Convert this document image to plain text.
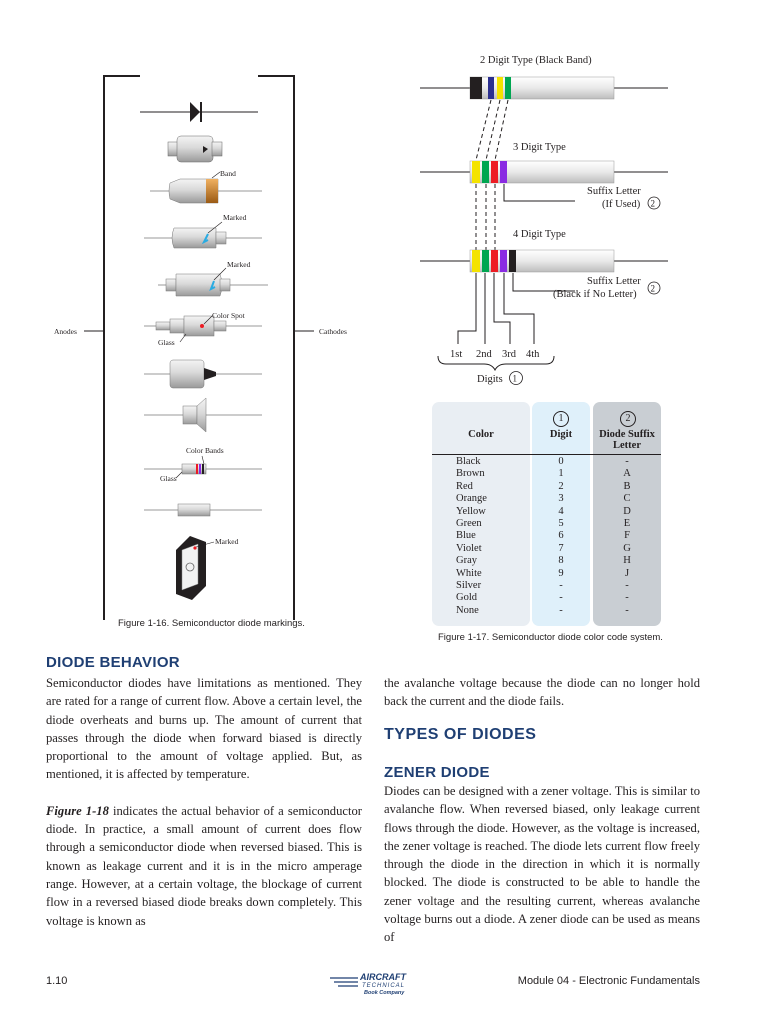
Anodes	Cathodes
Band
Marked
Marked
Color Spot
Glass
Color Bands
Glass
Marked
Figure 1-16. Semiconductor diode markings.
2 Digit Type (Black Band)
3 Digit Type
Suffix Letter
(If Used) 2
4 Digit Type
Suffix Letter
(Black if No Letter)
2
1st 2nd 3rd 4th
Digits 1
Color
1
Digit
2
Diode Suffix
Letter
Black	0	-
Brown	1	A
Red	2	B
Orange	3	C
Yellow	4	D
Green	5	E
Blue	6	F
Violet	7	G
Gray	8	H
White	9	J
Silver	-	-
Gold	-	-
None	-	-
Figure 1-17. Semiconductor diode color code system.
DIODE BEHAVIOR

Semiconductor diodes have limitations as mentioned. They are rated for a range of current flow. Above a certain level, the diode overheats and burns up. The amount of current that passes through the diode when forward biased is directly proportional to the amount of voltage applied. But, as mentioned, it is affected by temperature.

Figure 1-18 indicates the actual behavior of a semiconductor diode. In practice, a small amount of current does flow through a semiconductor diode when reversed biased. This is known as leakage current and it is in the micro amperage range. However, at a certain voltage, the blockage of current flow in a reversed biased diode breaks down completely. This voltage is known as

the avalanche voltage because the diode can no longer hold back the current and the diode fails.
TYPES OF DIODES
ZENER DIODE
Diodes can be designed with a zener voltage. This is similar to avalanche flow. When reversed biased, only leakage current flows through the diode. However, as the voltage is increased, the zener voltage is reached. The diode lets current flow freely through the diode in the direction in which it is normally blocked. The diode is constructed to be able to handle the zener voltage and the resulting current, whereas avalanche voltage burns out a diode. A zener diode can be used as means of
1.10	AIRCRAFT
TECHNICAL
Book Company
Module 04 - Electronic Fundamentals
